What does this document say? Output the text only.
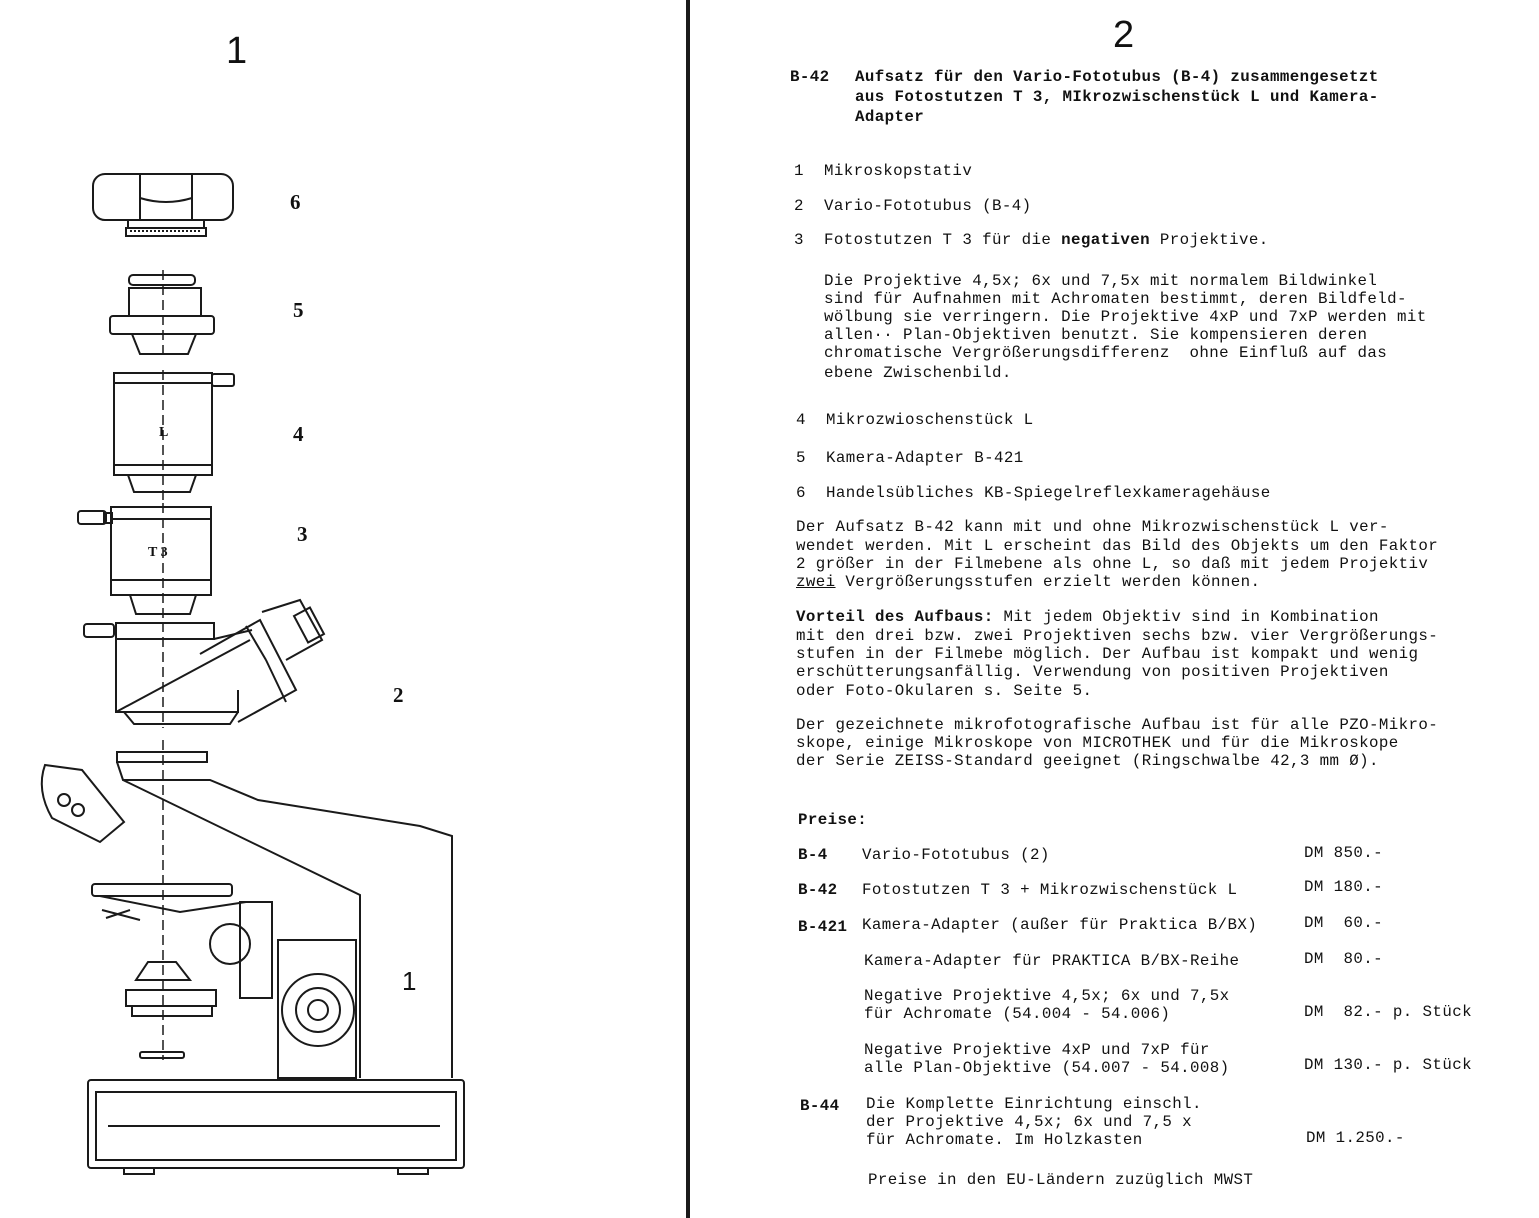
1
6
5
4
3
2
1
L
T 3
2
B-42 Aufsatz für den Vario-Fototubus (B-4) zusammengesetzt
aus Fotostutzen T 3, MIkrozwischenstück L und Kamera-
Adapter
1 Mikroskopstativ
2 Vario-Fototubus (B-4)
3 Fotostutzen T 3 für die negativen Projektive.
Die Projektive 4,5x; 6x und 7,5x mit normalem Bildwinkel
sind für Aufnahmen mit Achromaten bestimmt, deren Bildfeld-
wölbung sie verringern. Die Projektive 4xP und 7xP werden mit
allen·· Plan-Objektiven benutzt. Sie kompensieren deren
chromatische Vergrößerungsdifferenz  ohne Einfluß auf das
ebene Zwischenbild.
4 Mikrozwioschenstück L
5 Kamera-Adapter B-421
6 Handelsübliches KB-Spiegelreflexkameragehäuse
Der Aufsatz B-42 kann mit und ohne Mikrozwischenstück L ver-
wendet werden. Mit L erscheint das Bild des Objekts um den Faktor
2 größer in der Filmebene als ohne L, so daß mit jedem Projektiv
zwei Vergrößerungsstufen erzielt werden können.
Vorteil des Aufbaus: Mit jedem Objektiv sind in Kombination
mit den drei bzw. zwei Projektiven sechs bzw. vier Vergrößerungs-
stufen in der Filmebe möglich. Der Aufbau ist kompakt und wenig
erschütterungsanfällig. Verwendung von positiven Projektiven
oder Foto-Okularen s. Seite 5.
Der gezeichnete mikrofotografische Aufbau ist für alle PZO-Mikro-
skope, einige Mikroskope von MICROTHEK und für die Mikroskope
der Serie ZEISS-Standard geeignet (Ringschwalbe 42,3 mm Ø).
Preise:
B-4 Vario-Fototubus (2)	DM 850.-
B-42 Fotostutzen T 3 + Mikrozwischenstück L	DM 180.-
B-421 Kamera-Adapter (außer für Praktica B/BX)	DM  60.-
Kamera-Adapter für PRAKTICA B/BX-Reihe	DM  80.-
Negative Projektive 4,5x; 6x und 7,5x
für Achromate (54.004 - 54.006)	DM  82.- p. Stück
Negative Projektive 4xP und 7xP für
alle Plan-Objektive (54.007 - 54.008)	DM 130.- p. Stück
B-44 Die Komplette Einrichtung einschl.
der Projektive 4,5x; 6x und 7,5 x
für Achromate. Im Holzkasten	DM 1.250.-
Preise in den EU-Ländern zuzüglich MWST
